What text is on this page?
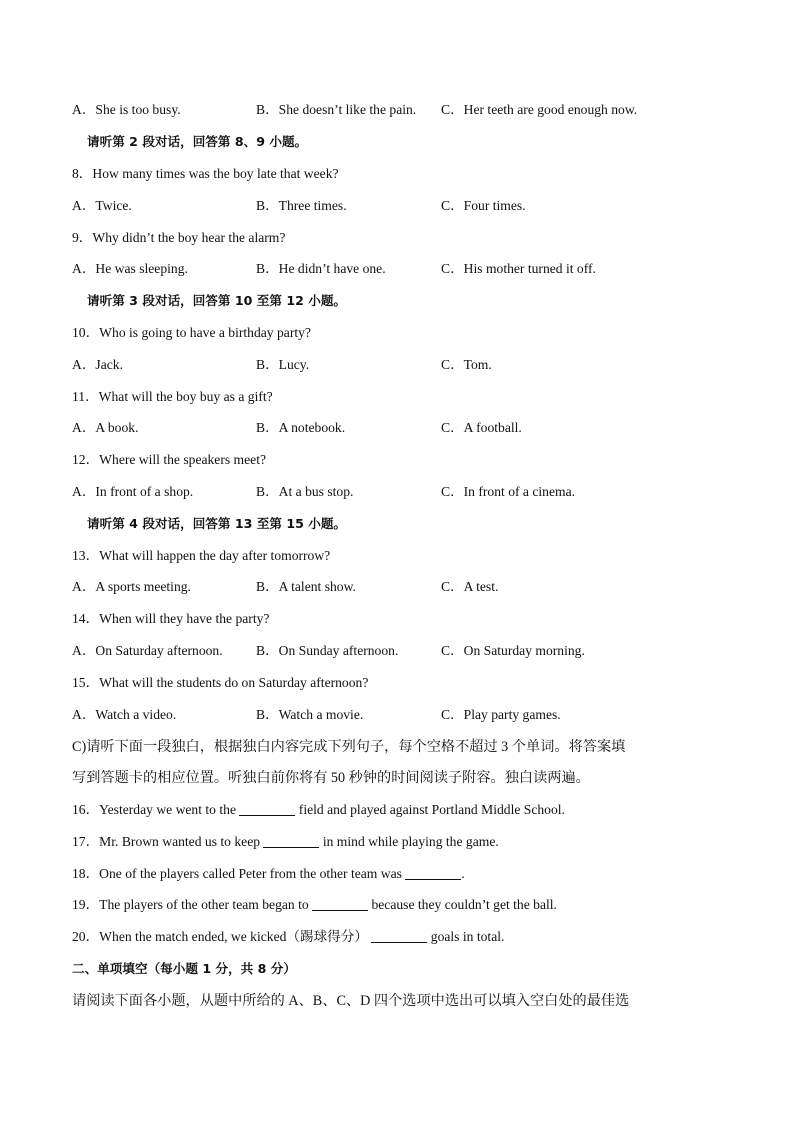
A．She is too busy.	B．She doesn’t like the pain. C．Her teeth are good enough now.
请听第 2 段对话，回答第 8、9 小题。
8．How many times was the boy late that week?
A．Twice.	B．Three times.	C．Four times.
9．Why didn’t the boy hear the alarm?
A．He was sleeping.	B．He didn’t have one.	C．His mother turned it off.
请听第 3 段对话，回答第 10 至第 12 小题。
10．Who is going to have a birthday party?
A．Jack.	B．Lucy.	C．Tom.
11．What will the boy buy as a gift?
A．A book.	B．A notebook.	C．A football.
12．Where will the speakers meet?
A．In front of a shop.	B．At a bus stop.	C．In front of a cinema.
请听第 4 段对话，回答第 13 至第 15 小题。
13．What will happen the day after tomorrow?
A．A sports meeting.	B．A talent show.	C．A test.
14．When will they have the party?
A．On Saturday afternoon. B．On Sunday afternoon.	C．On Saturday morning.
15．What will the students do on Saturday afternoon?
A．Watch a video.	B．Watch a movie.	C．Play party games.
C)请听下面一段独白，根据独白内容完成下列句子，每个空格不超过 3 个单词。将答案填
写到答题卡的相应位置。听独白前你将有 50 秒钟的时间阅读子附容。独白读两遍。
16．Yesterday we went to the	field and played against Portland Middle School.
17．Mr. Brown wanted us to keep	in mind while playing the game.
18．One of the players called Peter from the other team was	.
19．The players of the other team began to	because they couldn’t get the ball.
20．When the match ended, we kicked（踢球得分）	goals in total.
二、单项填空（每小题 1 分，共 8 分）
请阅读下面各小题，从题中所给的 A、B、C、D 四个选项中选出可以填入空白处的最佳选
